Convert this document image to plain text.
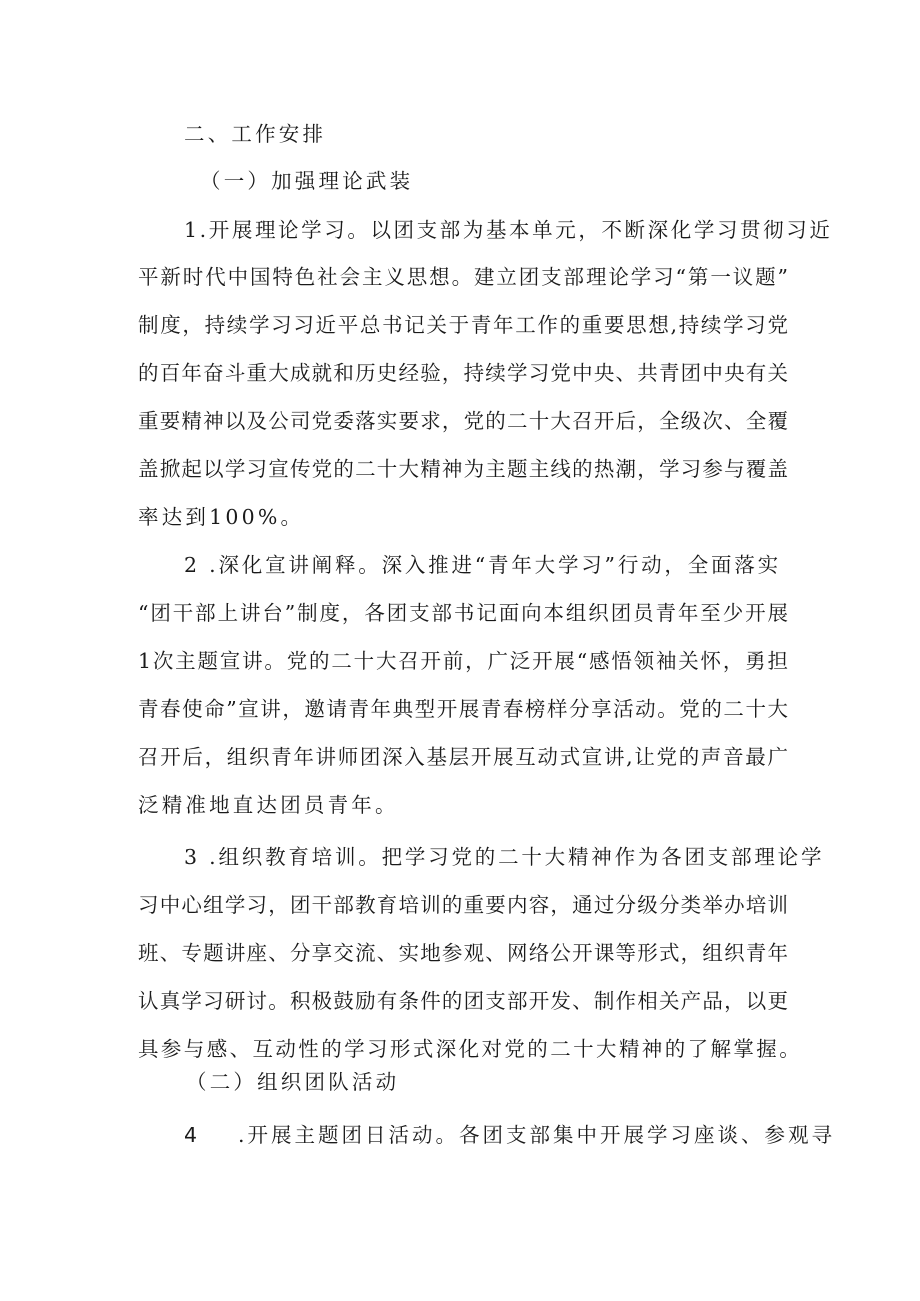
二、工作安排
（一）加强理论武装
1.开展理论学习。以团支部为基本单元，不断深化学习贯彻习近
平新时代中国特色社会主义思想。建立团支部理论学习“第一议题”
制度，持续学习习近平总书记关于青年工作的重要思想,持续学习党
的百年奋斗重大成就和历史经验，持续学习党中央、共青团中央有关
重要精神以及公司党委落实要求，党的二十大召开后，全级次、全覆
盖掀起以学习宣传党的二十大精神为主题主线的热潮，学习参与覆盖
率达到100%。
2 .深化宣讲阐释。深入推进“青年大学习”行动，全面落实
“团干部上讲台”制度，各团支部书记面向本组织团员青年至少开展
1次主题宣讲。党的二十大召开前，广泛开展“感悟领袖关怀，勇担
青春使命”宣讲，邀请青年典型开展青春榜样分享活动。党的二十大
召开后，组织青年讲师团深入基层开展互动式宣讲,让党的声音最广
泛精准地直达团员青年。
3 .组织教育培训。把学习党的二十大精神作为各团支部理论学
习中心组学习，团干部教育培训的重要内容，通过分级分类举办培训
班、专题讲座、分享交流、实地参观、网络公开课等形式，组织青年
认真学习研讨。积极鼓励有条件的团支部开发、制作相关产品，以更
具参与感、互动性的学习形式深化对党的二十大精神的了解掌握。
（二）组织团队活动
4 .开展主题团日活动。各团支部集中开展学习座谈、参观寻
